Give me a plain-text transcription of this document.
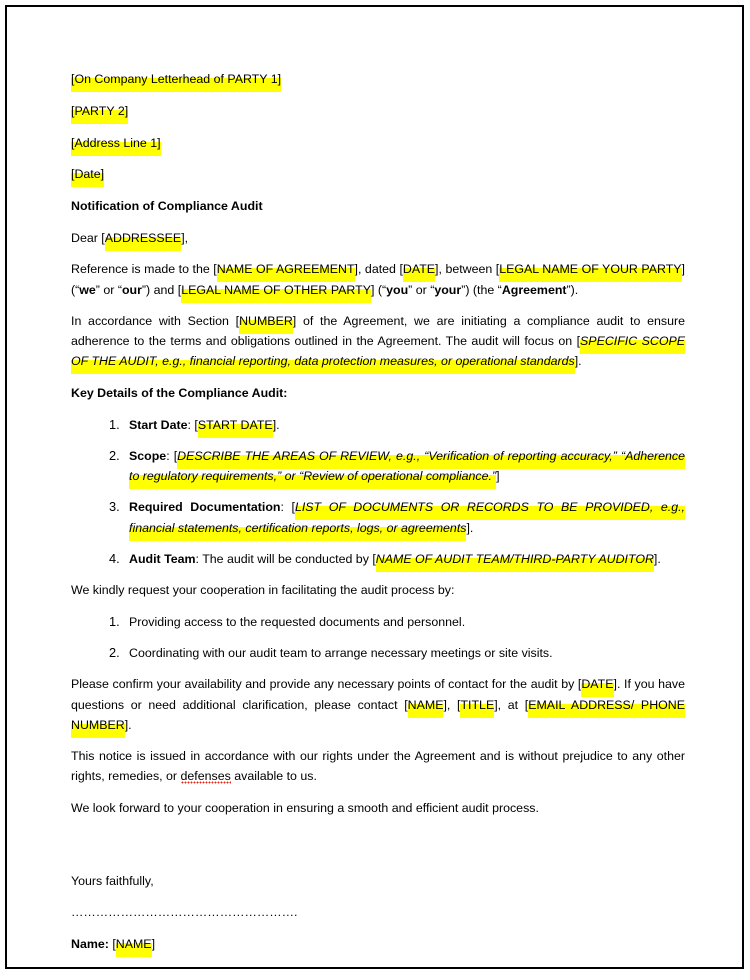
[On Company Letterhead of PARTY 1]

[PARTY 2]

[Address Line 1]

[Date]

Notification of Compliance Audit

Dear [ADDRESSEE],

Reference is made to the [NAME OF AGREEMENT], dated [DATE], between [LEGAL NAME OF YOUR PARTY] (“we” or “our”) and [LEGAL NAME OF OTHER PARTY] (“you” or “your”) (the “Agreement”).

In accordance with Section [NUMBER] of the Agreement, we are initiating a compliance audit to ensure adherence to the terms and obligations outlined in the Agreement. The audit will focus on [SPECIFIC SCOPE OF THE AUDIT, e.g., financial reporting, data protection measures, or operational standards].

Key Details of the Compliance Audit:

Start Date: [START DATE].
Scope: [DESCRIBE THE AREAS OF REVIEW, e.g., “Verification of reporting accuracy,” “Adherence to regulatory requirements,” or “Review of operational compliance.”]
Required Documentation: [LIST OF DOCUMENTS OR RECORDS TO BE PROVIDED, e.g., financial statements, certification reports, logs, or agreements].
Audit Team: The audit will be conducted by [NAME OF AUDIT TEAM/THIRD-PARTY AUDITOR].

We kindly request your cooperation in facilitating the audit process by:

Providing access to the requested documents and personnel.
Coordinating with our audit team to arrange necessary meetings or site visits.

Please confirm your availability and provide any necessary points of contact for the audit by [DATE]. If you have questions or need additional clarification, please contact [NAME], [TITLE], at [EMAIL ADDRESS/ PHONE NUMBER].

This notice is issued in accordance with our rights under the Agreement and is without prejudice to any other rights, remedies, or defenses available to us.

We look forward to your cooperation in ensuring a smooth and efficient audit process.

Yours faithfully,

……………………………………………….

Name: [NAME]
